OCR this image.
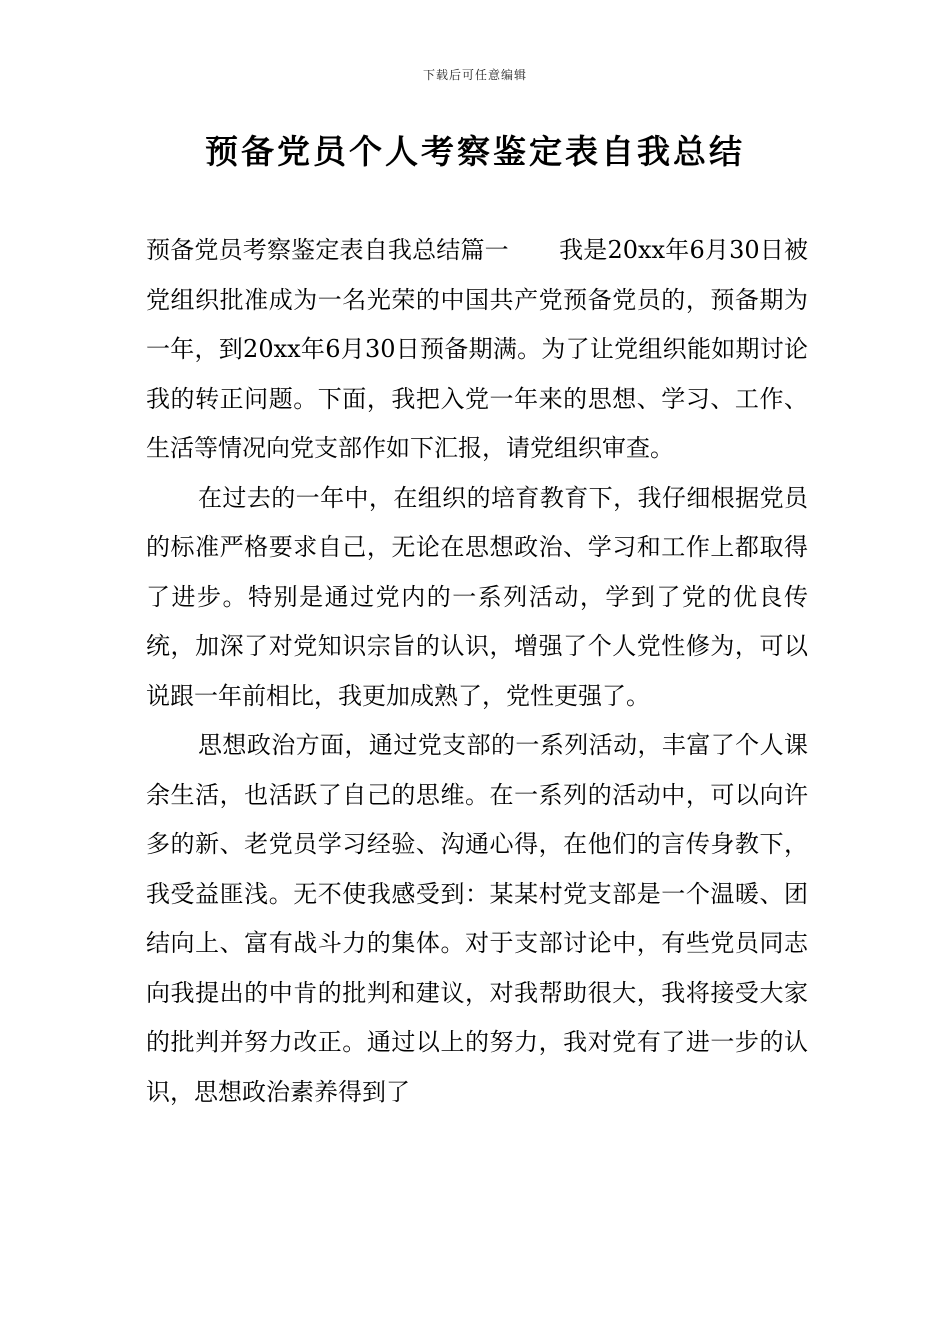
下载后可任意编辑
预备党员个人考察鉴定表自我总结

预备党员考察鉴定表自我总结篇一 我是20xx年6月30日被党组织批准成为一名光荣的中国共产党预备党员的，预备期为一年，到20xx年6月30日预备期满。为了让党组织能如期讨论我的转正问题。下面，我把入党一年来的思想、学习、工作、生活等情况向党支部作如下汇报，请党组织审查。

在过去的一年中，在组织的培育教育下，我仔细根据党员的标准严格要求自己，无论在思想政治、学习和工作上都取得了进步。特别是通过党内的一系列活动，学到了党的优良传统，加深了对党知识宗旨的认识，增强了个人党性修为，可以说跟一年前相比，我更加成熟了，党性更强了。

思想政治方面，通过党支部的一系列活动，丰富了个人课余生活，也活跃了自己的思维。在一系列的活动中，可以向许多的新、老党员学习经验、沟通心得，在他们的言传身教下，我受益匪浅。无不使我感受到：某某村党支部是一个温暖、团结向上、富有战斗力的集体。对于支部讨论中，有些党员同志向我提出的中肯的批判和建议，对我帮助很大，我将接受大家的批判并努力改正。通过以上的努力，我对党有了进一步的认识，思想政治素养得到了
